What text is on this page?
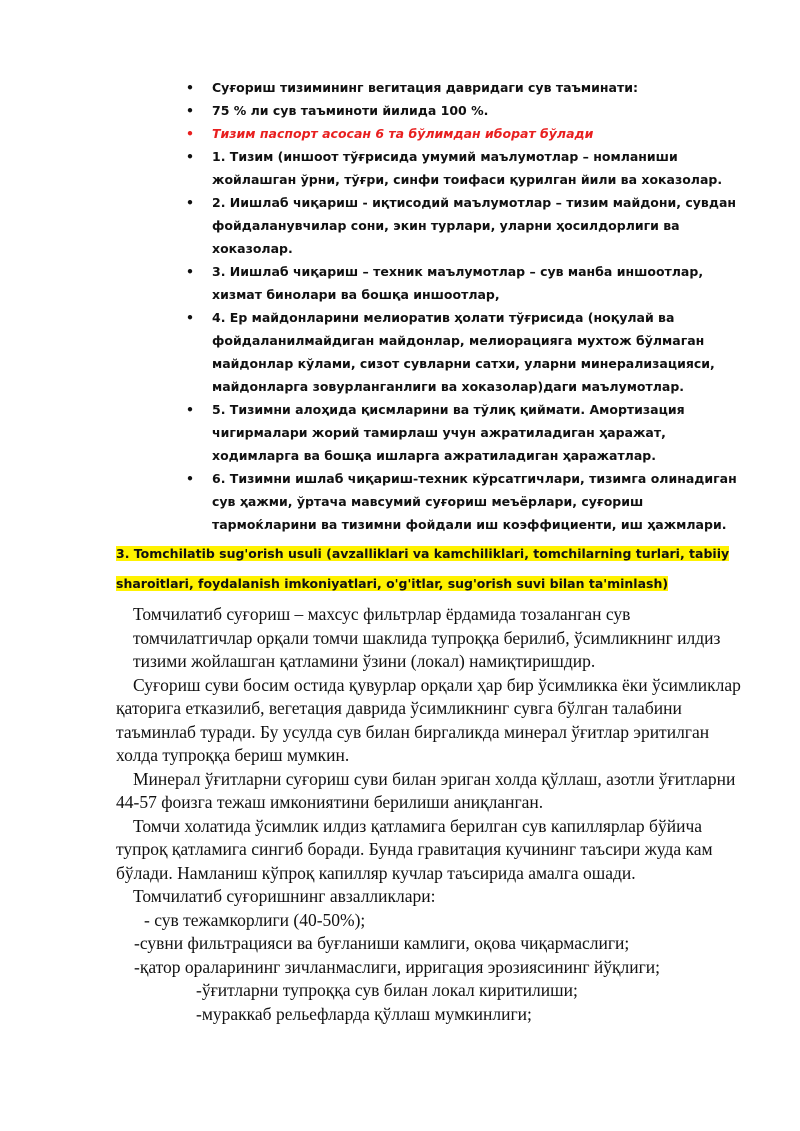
•	Суғориш тизимининг вегитация давридаги сув таъминати:
•	75 % ли сув таъминоти йилида 100 %.
•	Тизим паспорт асосан 6 та бўлимдан иборат бўлади
•	1. Тизим (иншоот тўғрисида умумий маълумотлар – номланиши жойлашган ўрни, тўғри, синфи тоифаси қурилган йили ва хоказолар.
•	2. Иишлаб чиқариш - иқтисодий маълумотлар – тизим майдони, сувдан фойдаланувчилар сони, экин турлари, уларни ҳосилдорлиги ва хоказолар.
•	3. Иишлаб чиқариш – техник маълумотлар – сув манба иншоотлар, хизмат бинолари ва бошқа иншоотлар,
•	4. Ер майдонларини мелиоратив ҳолати тўғрисида (ноқулай ва фойдаланилмайдиган майдонлар, мелиорацияга мухтож бўлмаган майдонлар кўлами, сизот сувларни сатхи, уларни минерализацияси, майдонларга зовурланганлиги ва хоказолар)даги маълумотлар.
•	5. Тизимни алоҳида қисмларини ва тўлиқ қиймати. Амортизация чигирмалари жорий тамирлаш учун ажратиладиган ҳаражат, ходимларга ва бошқа ишларга ажратиладиган ҳаражатлар.
•	6. Тизимни ишлаб чиқариш-техник кўрсатгичлари, тизимга олинадиган сув ҳажми, ўртача мавсумий суғориш меъёрлари, суғориш тармоќларини ва тизимни фойдали иш коэффициенти, иш ҳажмлари.
3. Tomchilatib sug'orish usuli (avzalliklari va kamchiliklari, tomchilarning turlari, tabiiy sharoitlari, foydalanish imkoniyatlari, o'g'itlar, sug'orish suvi bilan ta'minlash)

Томчилатиб суғориш – махсус фильтрлар ёрдамида тозаланган сув томчилатгичлар орқали томчи шаклида тупроққа берилиб, ўсимликнинг илдиз тизими жойлашган қатламини ўзини (локал) намиқтиришдир.

Суғориш суви босим остида қувурлар орқали ҳар бир ўсимликка ёки ўсимликлар қаторига етказилиб, вегетация даврида ўсимликнинг сувга бўлган талабини таъминлаб туради. Бу усулда сув билан биргаликда минерал ўғитлар эритилган холда тупроққа бериш мумкин.

Минерал ўғитларни суғориш суви билан эриган холда қўллаш, азотли ўғитларни 44-57 фоизга тежаш имкониятини берилиши аниқланган.

Томчи холатида ўсимлик илдиз қатламига берилган сув капиллярлар бўйича тупроқ қатламига сингиб боради. Бунда гравитация кучининг таъсири жуда кам бўлади. Намланиш кўпроқ капилляр кучлар таъсирида амалга ошади.

Томчилатиб суғоришнинг авзалликлари:

- сув тежамкорлиги (40-50%);

-сувни фильтрацияси ва буғланиши камлиги, оқова чиқармаслиги;

-қатор ораларининг зичланмаслиги, ирригация эрозиясининг йўқлиги;

-ўғитларни тупроққа сув билан локал киритилиши;

-мураккаб рельефларда қўллаш мумкинлиги;
